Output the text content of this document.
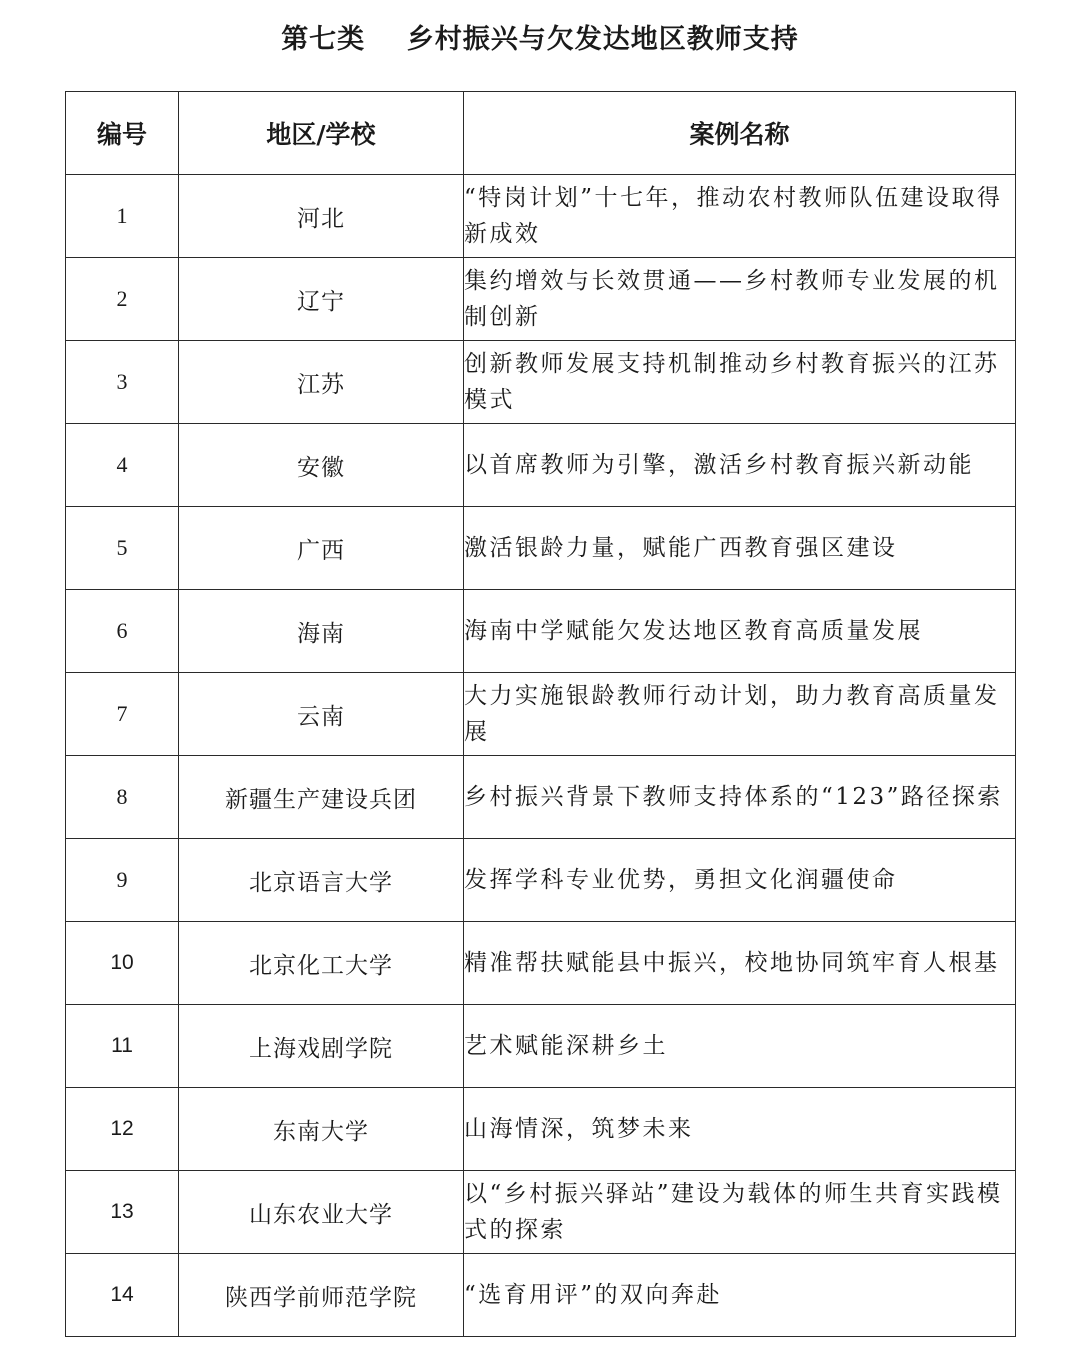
第七类    乡村振兴与欠发达地区教师支持
编号	地区/学校	案例名称
1	河北	“特岗计划”十七年，推动农村教师队伍建设取得新成效
2	辽宁	集约增效与长效贯通——乡村教师专业发展的机制创新
3	江苏	创新教师发展支持机制推动乡村教育振兴的江苏模式
4	安徽	以首席教师为引擎，激活乡村教育振兴新动能
5	广西	激活银龄力量，赋能广西教育强区建设
6	海南	海南中学赋能欠发达地区教育高质量发展
7	云南	大力实施银龄教师行动计划，助力教育高质量发展
8	新疆生产建设兵团	乡村振兴背景下教师支持体系的“123”路径探索
9	北京语言大学	发挥学科专业优势，勇担文化润疆使命
10	北京化工大学	精准帮扶赋能县中振兴，校地协同筑牢育人根基
11	上海戏剧学院	艺术赋能深耕乡土
12	东南大学	山海情深，筑梦未来
13	山东农业大学	以“乡村振兴驿站”建设为载体的师生共育实践模式的探索
14	陕西学前师范学院	“选育用评”的双向奔赴
